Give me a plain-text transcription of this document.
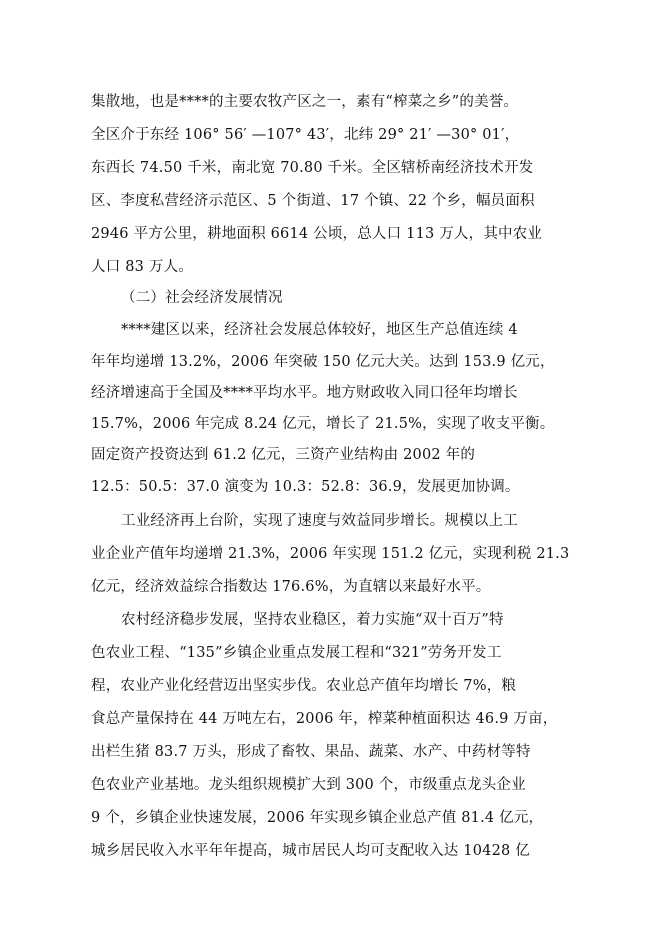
集散地，也是****的主要农牧产区之一，素有“榨菜之乡”的美誉。
全区介于东经 106° 56′ —107° 43′，北纬 29° 21′ —30° 01′，
东西长 74.50 千米，南北宽 70.80 千米。全区辖桥南经济技术开发
区、李度私营经济示范区、5 个街道、17 个镇、22 个乡，幅员面积
2946 平方公里，耕地面积 6614 公顷，总人口 113 万人，其中农业
人口 83 万人。
（二）社会经济发展情况
****建区以来，经济社会发展总体较好，地区生产总值连续 4
年年均递增 13.2%，2006 年突破 150 亿元大关。达到 153.9 亿元，
经济增速高于全国及****平均水平。地方财政收入同口径年均增长
15.7%，2006 年完成 8.24 亿元，增长了 21.5%，实现了收支平衡。
固定资产投资达到 61.2 亿元，三资产业结构由 2002 年的
12.5：50.5：37.0 演变为 10.3：52.8：36.9，发展更加协调。
工业经济再上台阶，实现了速度与效益同步增长。规模以上工
业企业产值年均递增 21.3%，2006 年实现 151.2 亿元，实现利税 21.3
亿元，经济效益综合指数达 176.6%，为直辖以来最好水平。
农村经济稳步发展，坚持农业稳区，着力实施“双十百万”特
色农业工程、“135”乡镇企业重点发展工程和“321”劳务开发工
程，农业产业化经营迈出坚实步伐。农业总产值年均增长 7%，粮
食总产量保持在 44 万吨左右，2006 年，榨菜种植面积达 46.9 万亩，
出栏生猪 83.7 万头，形成了畜牧、果品、蔬菜、水产、中药材等特
色农业产业基地。龙头组织规模扩大到 300 个，市级重点龙头企业
9 个，乡镇企业快速发展，2006 年实现乡镇企业总产值 81.4 亿元，
城乡居民收入水平年年提高，城市居民人均可支配收入达 10428 亿
